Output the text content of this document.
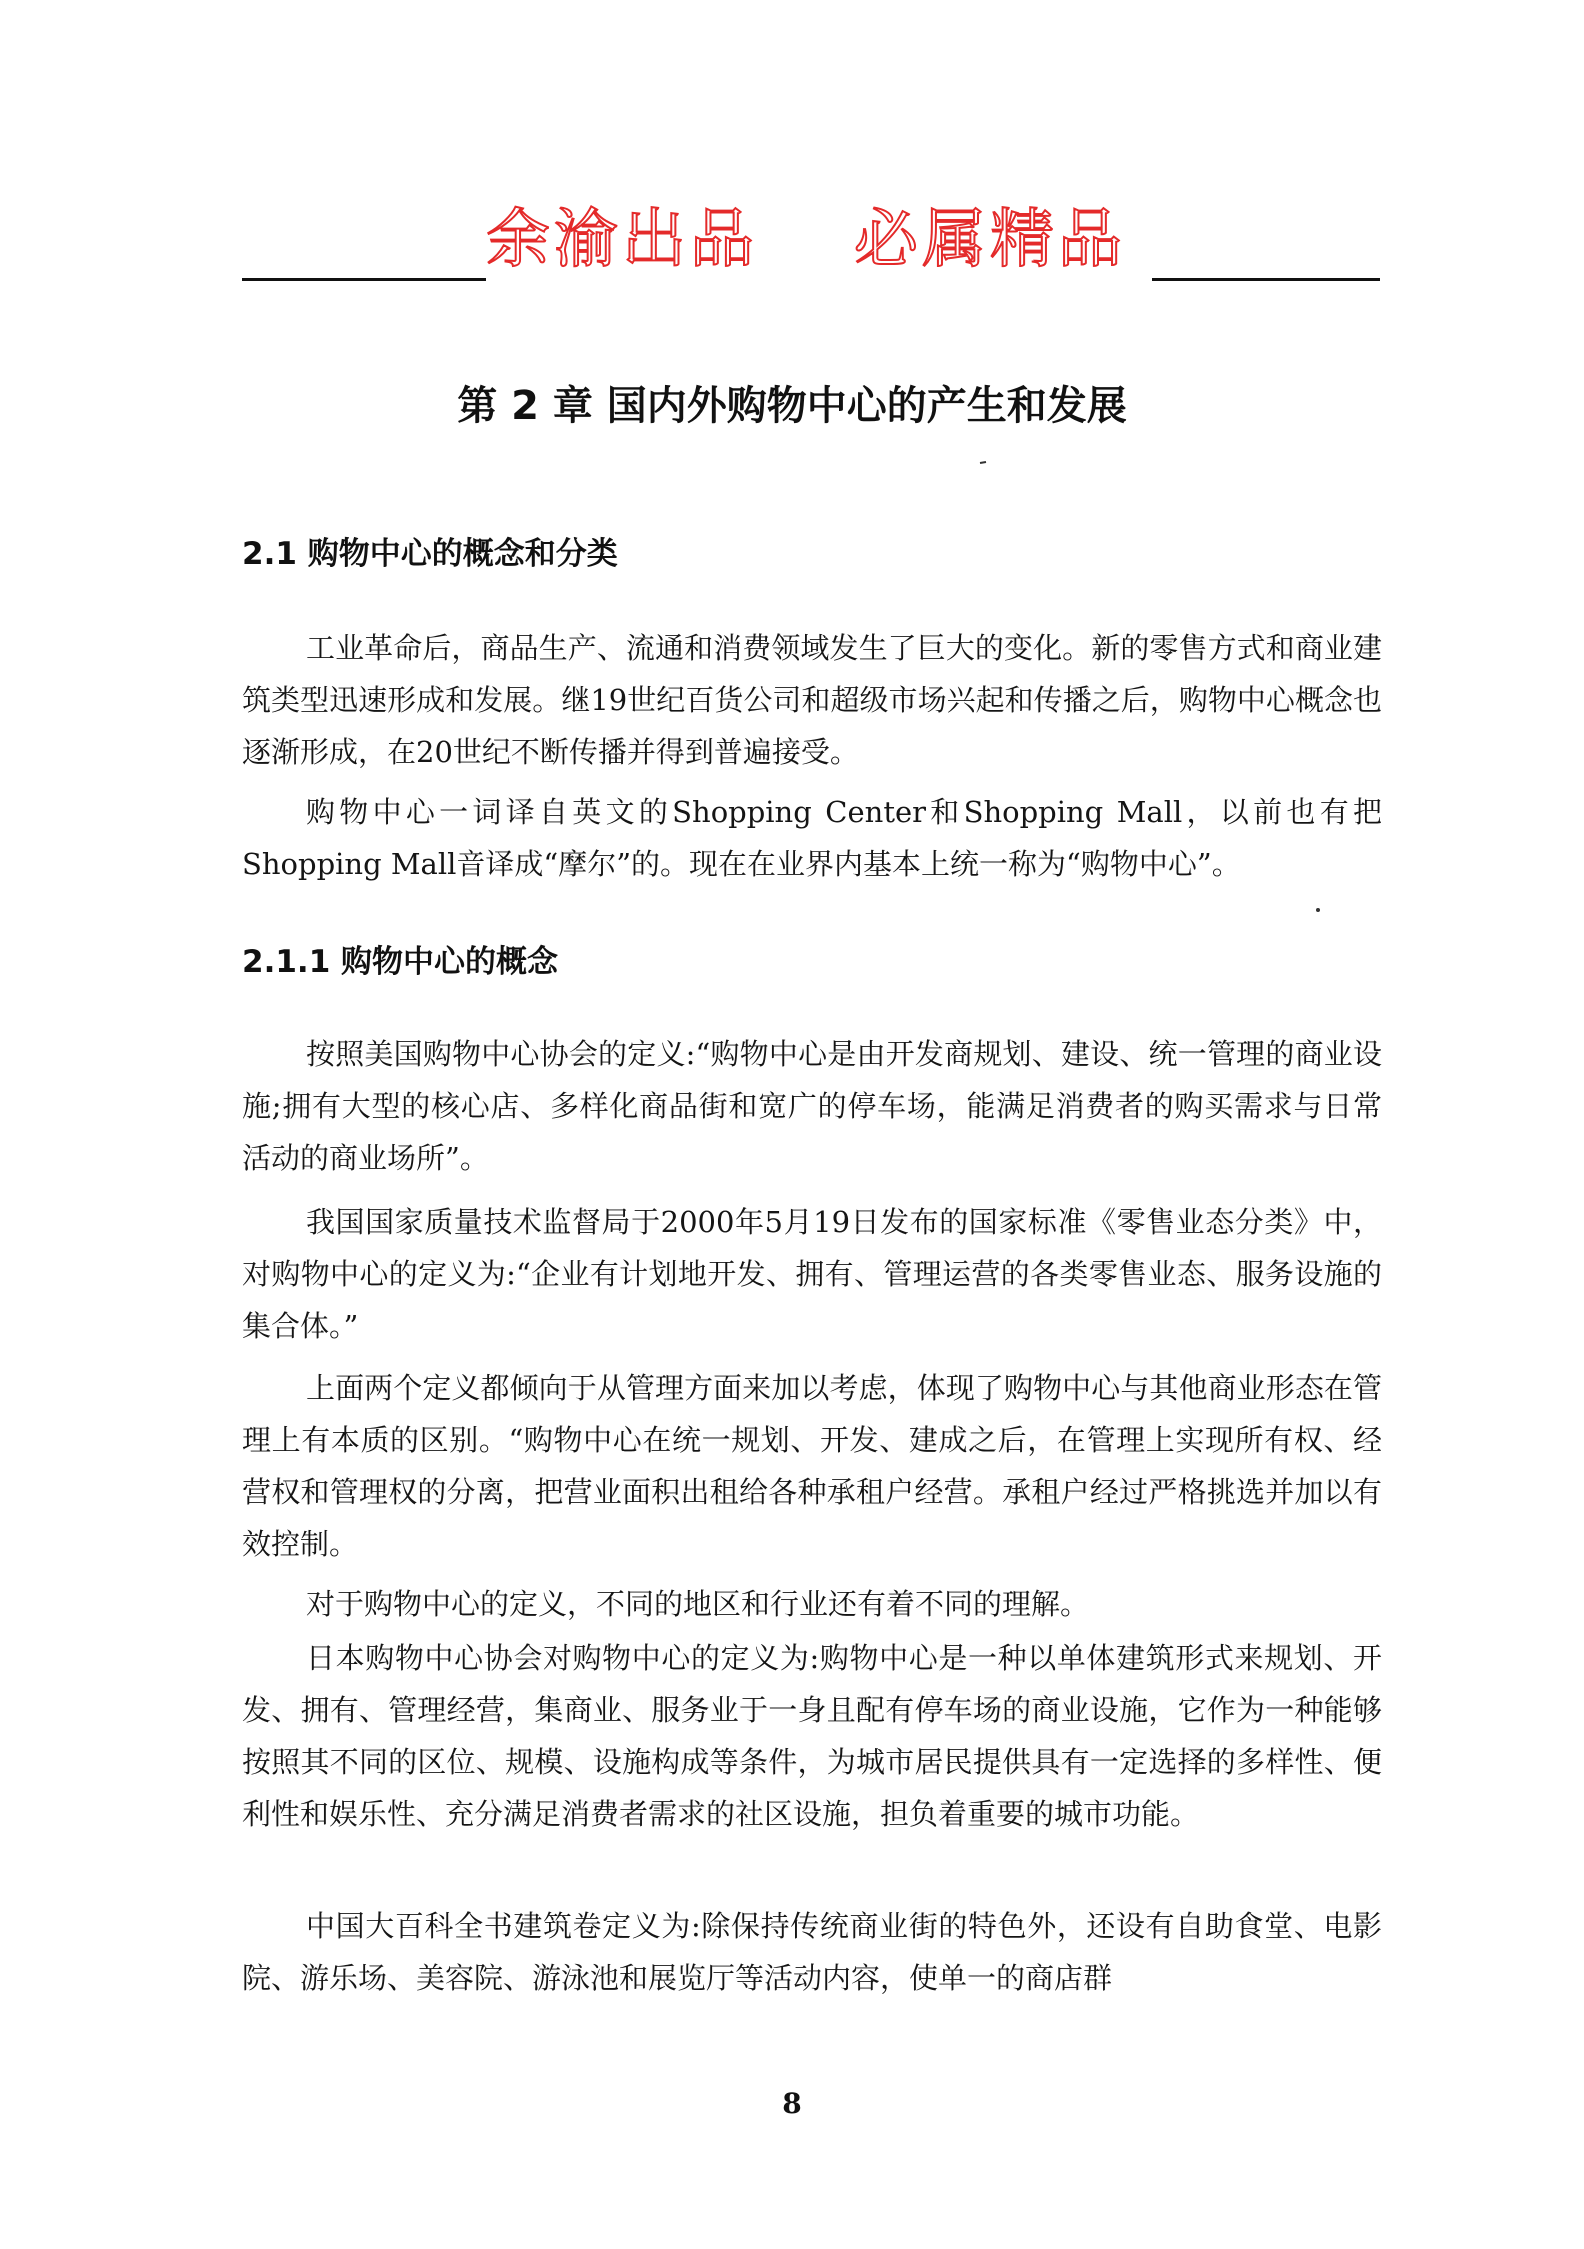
余渝出品 必属精品
第 2 章 国内外购物中心的产生和发展
2.1 购物中心的概念和分类

工业革命后，商品生产、流通和消费领域发生了巨大的变化。新的零售方式和商业建筑类型迅速形成和发展。继19世纪百货公司和超级市场兴起和传播之后，购物中心概念也逐渐形成，在20世纪不断传播并得到普遍接受。

购物中心一词译自英文的Shopping Center和Shopping Mall，以前也有把Shopping Mall音译成“摩尔”的。现在在业界内基本上统一称为“购物中心”。

2.1.1 购物中心的概念

按照美国购物中心协会的定义:“购物中心是由开发商规划、建设、统一管理的商业设施;拥有大型的核心店、多样化商品街和宽广的停车场，能满足消费者的购买需求与日常活动的商业场所”。

我国国家质量技术监督局于2000年5月19日发布的国家标准《零售业态分类》中，对购物中心的定义为:“企业有计划地开发、拥有、管理运营的各类零售业态、服务设施的集合体。”

上面两个定义都倾向于从管理方面来加以考虑，体现了购物中心与其他商业形态在管理上有本质的区别。“购物中心在统一规划、开发、建成之后，在管理上实现所有权、经营权和管理权的分离，把营业面积出租给各种承租户经营。承租户经过严格挑选并加以有效控制。

对于购物中心的定义，不同的地区和行业还有着不同的理解。

日本购物中心协会对购物中心的定义为:购物中心是一种以单体建筑形式来规划、开发、拥有、管理经营，集商业、服务业于一身且配有停车场的商业设施，它作为一种能够按照其不同的区位、规模、设施构成等条件，为城市居民提供具有一定选择的多样性、便利性和娱乐性、充分满足消费者需求的社区设施，担负着重要的城市功能。

中国大百科全书建筑卷定义为:除保持传统商业街的特色外，还设有自助食堂、电影院、游乐场、美容院、游泳池和展览厅等活动内容，使单一的商店群

8
